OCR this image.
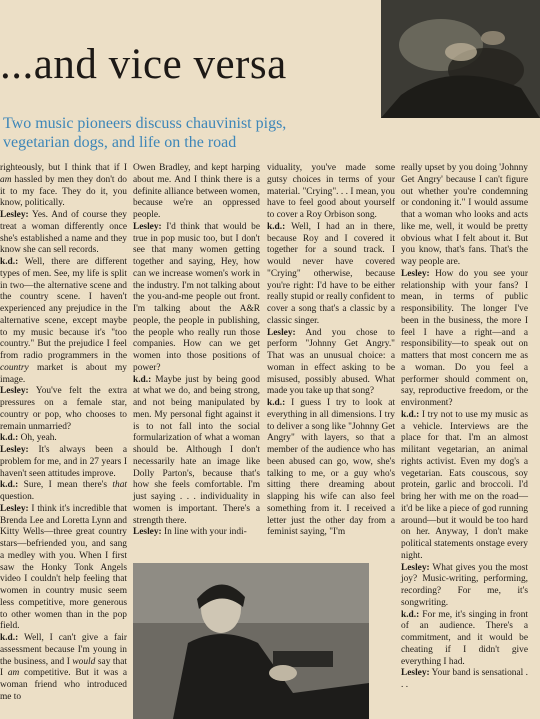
...and vice versa
Two music pioneers discuss chauvinist pigs,
vegetarian dogs, and life on the road

righteously, but I think that if I am hassled by men they don't do it to my face. They do it, you know, politically.

Lesley: Yes. And of course they treat a woman differently once she's established a name and they know she can sell records.

k.d.: Well, there are different types of men. See, my life is split in two—the alternative scene and the country scene. I haven't experienced any prejudice in the alternative scene, except maybe to my music because it's "too country." But the prejudice I feel from radio programmers in the country market is about my image.

Lesley: You've felt the extra pressures on a female star, country or pop, who chooses to remain unmarried?

k.d.: Oh, yeah.

Lesley: It's always been a problem for me, and in 27 years I haven't seen attitudes improve.

k.d.: Sure, I mean there's that question.

Lesley: I think it's incredible that Brenda Lee and Loretta Lynn and Kitty Wells—three great country stars—befriended you, and sang a medley with you. When I first saw the Honky Tonk Angels video I couldn't help feeling that women in country music seem less competitive, more generous to other women than in the pop field.

k.d.: Well, I can't give a fair assessment because I'm young in the business, and I would say that I am competitive. But it was a woman friend who introduced me to

Owen Bradley, and kept harping about me. And I think there is a definite alliance between women, because we're an oppressed people.

Lesley: I'd think that would be true in pop music too, but I don't see that many women getting together and saying, Hey, how can we increase women's work in the industry. I'm not talking about the you-and-me people out front. I'm talking about the A&R people, the people in publishing, the people who really run those companies. How can we get women into those positions of power?

k.d.: Maybe just by being good at what we do, and being strong, and not being manipulated by men. My personal fight against it is to not fall into the social formularization of what a woman should be. Although I don't necessarily hate an image like Dolly Parton's, because that's how she feels comfortable. I'm just saying . . . individuality in women is important. There's a strength there.

Lesley: In line with your indi-

viduality, you've made some gutsy choices in terms of your material. "Crying". . . I mean, you have to feel good about yourself to cover a Roy Orbison song.

k.d.: Well, I had an in there, because Roy and I covered it together for a sound track. I would never have covered "Crying" otherwise, because you're right: I'd have to be either really stupid or really confident to cover a song that's a classic by a classic singer.

Lesley: And you chose to perform "Johnny Get Angry." That was an unusual choice: a woman in effect asking to be misused, possibly abused. What made you take up that song?

k.d.: I guess I try to look at everything in all dimensions. I try to deliver a song like "Johnny Get Angry" with layers, so that a member of the audience who has been abused can go, wow, she's talking to me, or a guy who's sitting there dreaming about slapping his wife can also feel something from it. I received a letter just the other day from a feminist saying, "I'm

really upset by you doing 'Johnny Get Angry' because I can't figure out whether you're condemning or condoning it." I would assume that a woman who looks and acts like me, well, it would be pretty obvious what I felt about it. But you know, that's fans. That's the way people are.

Lesley: How do you see your relationship with your fans? I mean, in terms of public responsibility. The longer I've been in the business, the more I feel I have a right—and a responsibility—to speak out on matters that most concern me as a woman. Do you feel a performer should comment on, say, reproductive freedom, or the environment?

k.d.: I try not to use my music as a vehicle. Interviews are the place for that. I'm an almost militant vegetarian, an animal rights activist. Even my dog's a vegetarian. Eats couscous, soy protein, garlic and broccoli. I'd bring her with me on the road—it'd be like a piece of god running around—but it would be too hard on her. Anyway, I don't make political statements onstage every night.

Lesley: What gives you the most joy? Music-writing, performing, recording? For me, it's songwriting.

k.d.: For me, it's singing in front of an audience. There's a commitment, and it would be cheating if I didn't give everything I had.

Lesley: Your band is sensational . . .
